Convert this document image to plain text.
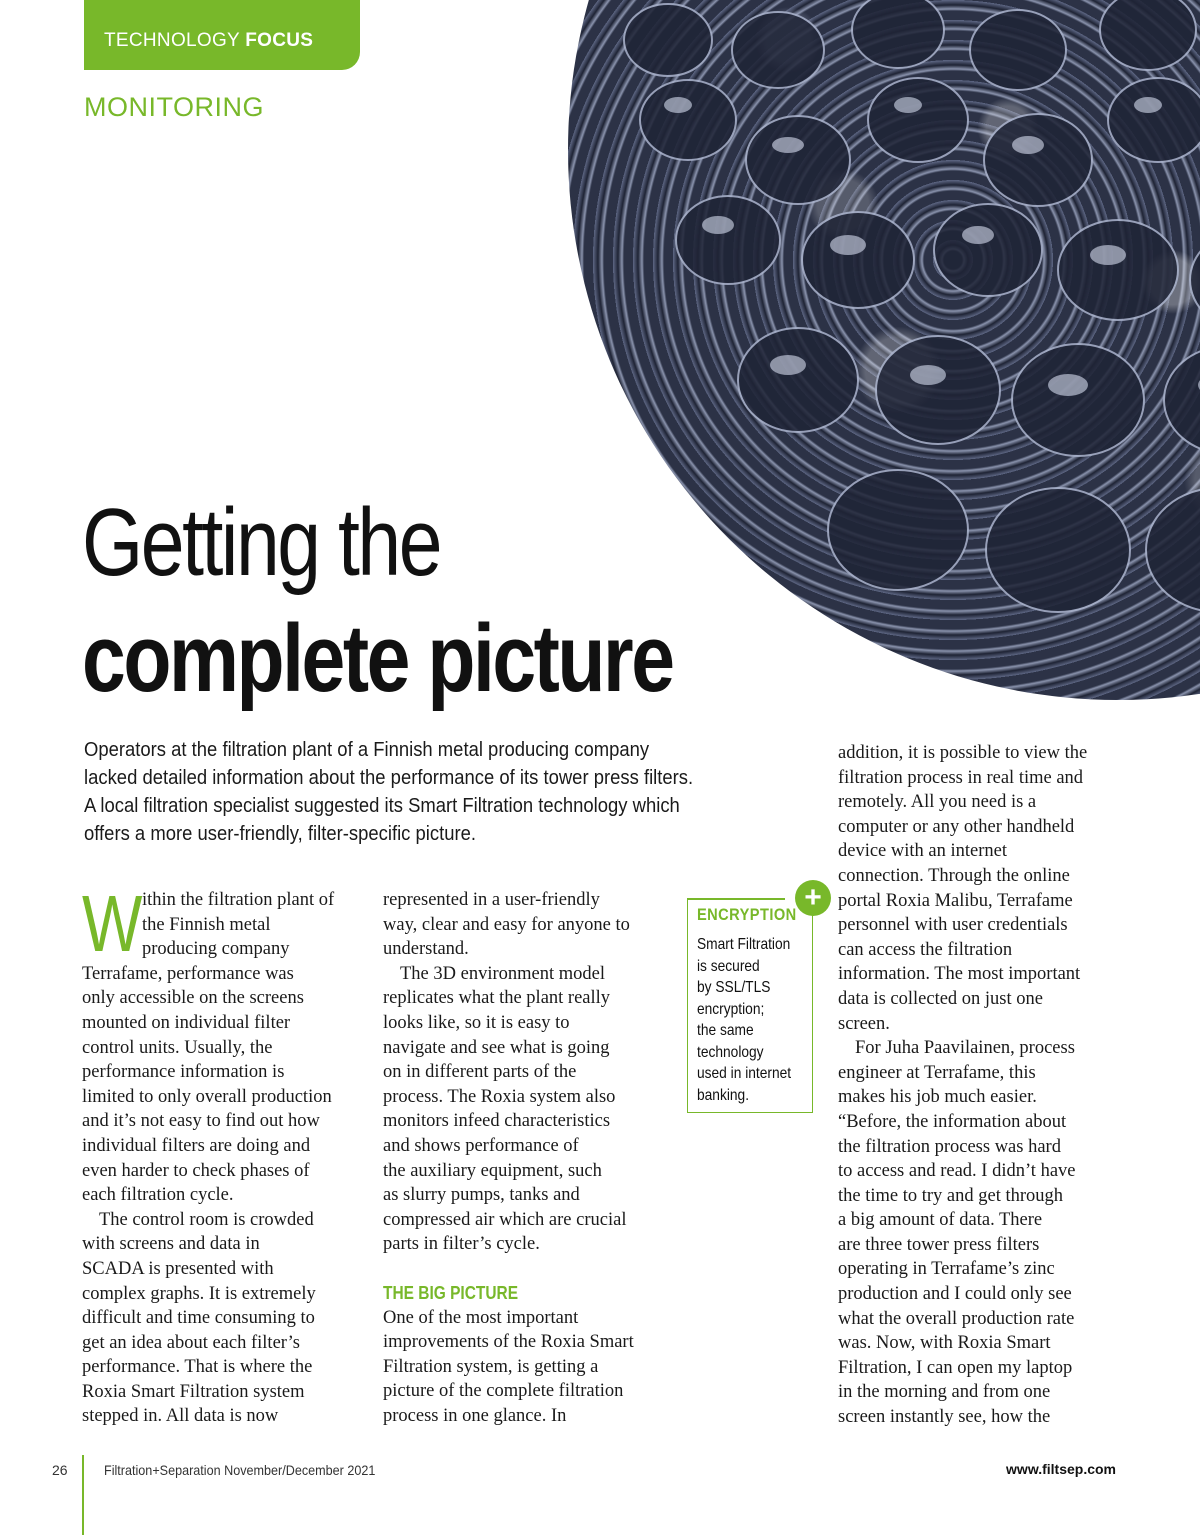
TECHNOLOGY FOCUS
MONITORING
Getting the
complete picture

Operators at the filtration plant of a Finnish metal producing company

lacked detailed information about the performance of its tower press filters.

A local filtration specialist suggested its Smart Filtration technology which

offers a more user-friendly, filter-specific picture.

W ithin the filtration plant of

the Finnish metal

producing company

Terrafame, performance was

only accessible on the screens

mounted on individual filter

control units. Usually, the

performance information is

limited to only overall production

and it’s not easy to find out how

individual filters are doing and

even harder to check phases of

each filtration cycle.

The control room is crowded

with screens and data in

SCADA is presented with

complex graphs. It is extremely

difficult and time consuming to

get an idea about each filter’s

performance. That is where the

Roxia Smart Filtration system

stepped in. All data is now

represented in a user-friendly

way, clear and easy for anyone to

understand.

The 3D environment model

replicates what the plant really

looks like, so it is easy to

navigate and see what is going

on in different parts of the

process. The Roxia system also

monitors infeed characteristics

and shows performance of

the auxiliary equipment, such

as slurry pumps, tanks and

compressed air which are crucial

parts in filter’s cycle.

THE BIG PICTURE

One of the most important

improvements of the Roxia Smart

Filtration system, is getting a

picture of the complete filtration

process in one glance. In

+
ENCRYPTION

Smart Filtration

is secured

by SSL/TLS

encryption;

the same

technology

used in internet

banking.

addition, it is possible to view the

filtration process in real time and

remotely. All you need is a

computer or any other handheld

device with an internet

connection. Through the online

portal Roxia Malibu, Terrafame

personnel with user credentials

can access the filtration

information. The most important

data is collected on just one

screen.

For Juha Paavilainen, process

engineer at Terrafame, this

makes his job much easier.

“Before, the information about

the filtration process was hard

to access and read. I didn’t have

the time to try and get through

a big amount of data. There

are three tower press filters

operating in Terrafame’s zinc

production and I could only see

what the overall production rate

was. Now, with Roxia Smart

Filtration, I can open my laptop

in the morning and from one

screen instantly see, how the

26	Filtration+Separation November/December 2021	www.filtsep.com
